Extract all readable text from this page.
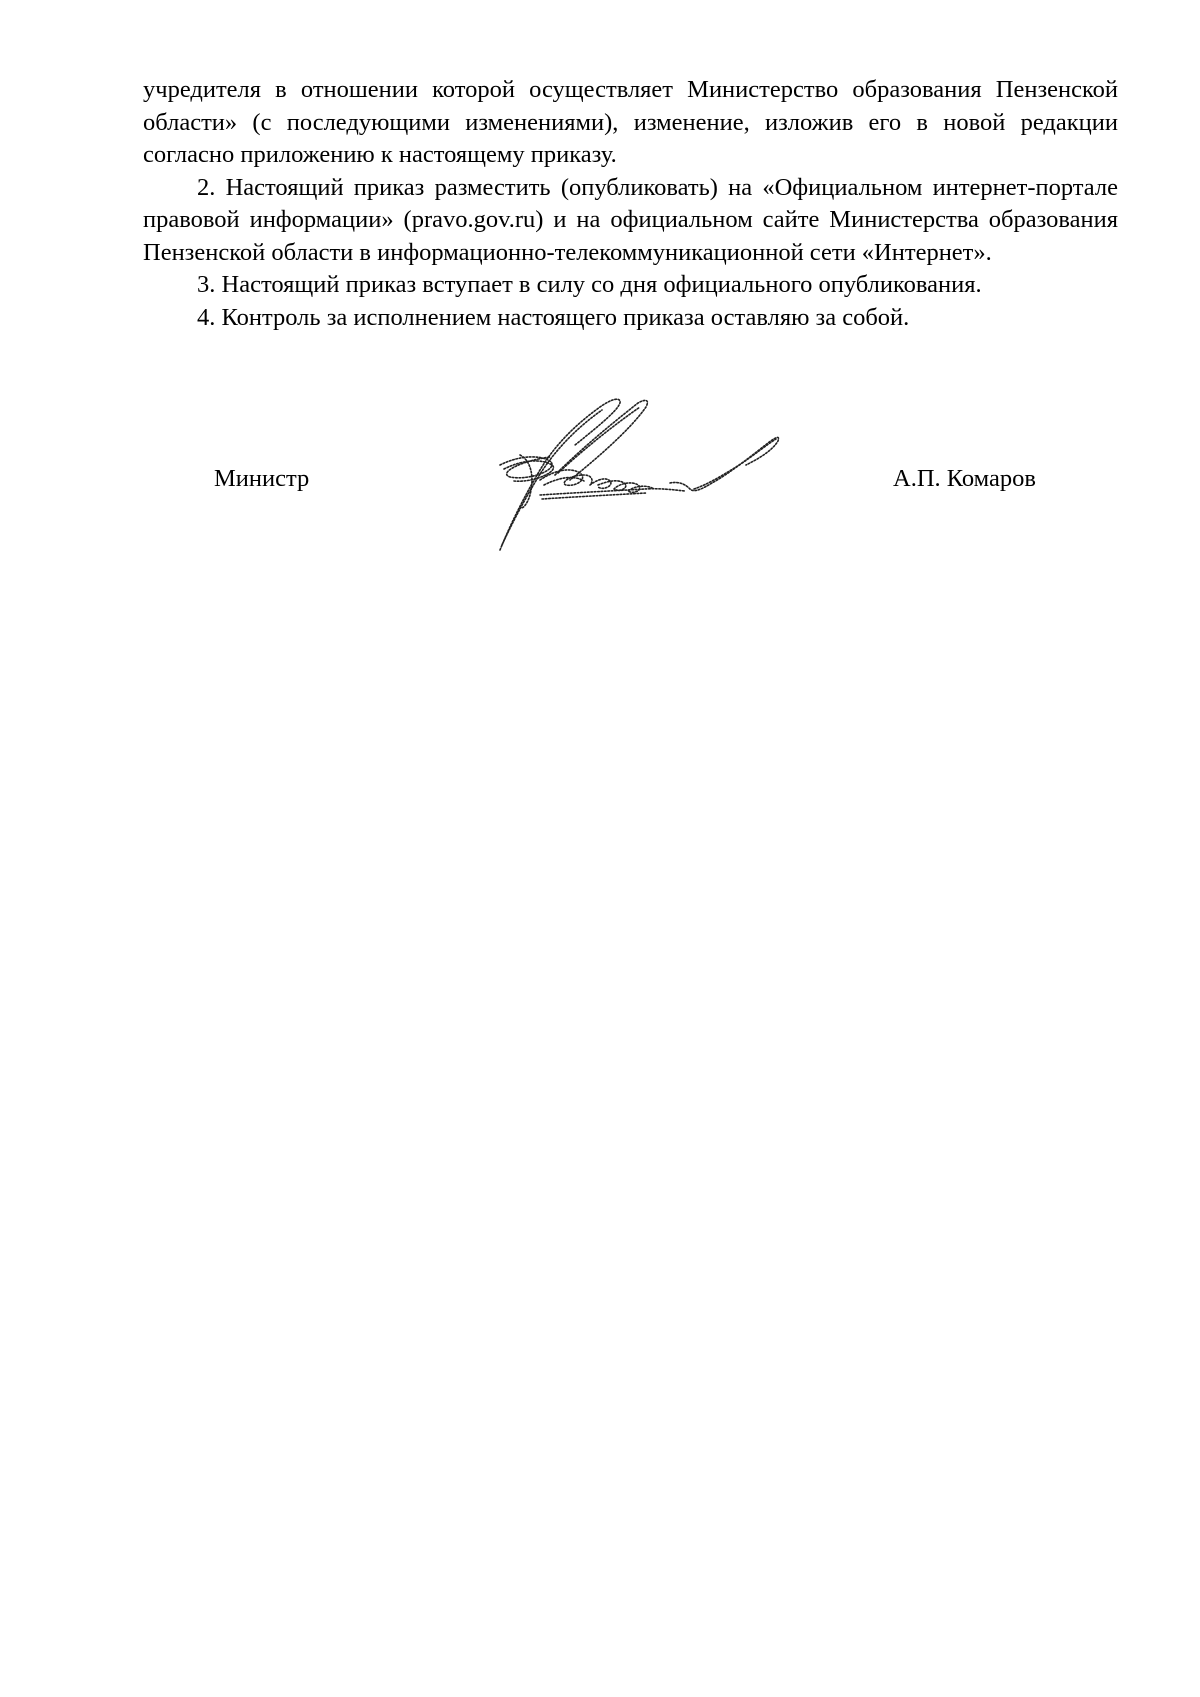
учредителя в отношении которой осуществляет Министерство образования Пензенской области» (с последующими изменениями), изменение, изложив его в новой редакции согласно приложению к настоящему приказу.

2. Настоящий приказ разместить (опубликовать) на «Официальном интернет-портале правовой информации» (pravo.gov.ru) и на официальном сайте Министерства образования Пензенской области в информационно-телекоммуникационной сети «Интернет».

3. Настоящий приказ вступает в силу со дня официального опубликования.

4. Контроль за исполнением настоящего приказа оставляю за собой.

Министр	А.П. Комаров
